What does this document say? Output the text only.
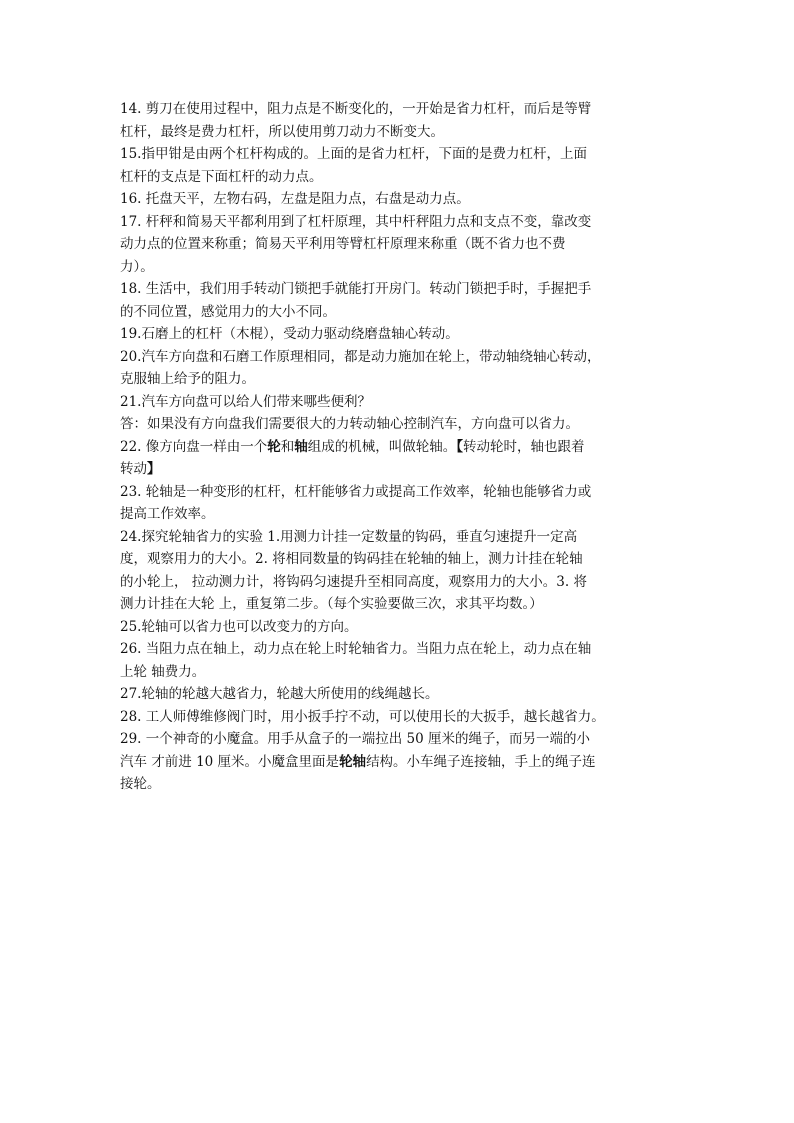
14. 剪刀在使用过程中，阻力点是不断变化的，一开始是省力杠杆，而后是等臂
杠杆，最终是费力杠杆，所以使用剪刀动力不断变大。

15.指甲钳是由两个杠杆构成的。上面的是省力杠杆，下面的是费力杠杆，上面
杠杆的支点是下面杠杆的动力点。

16. 托盘天平，左物右码，左盘是阻力点，右盘是动力点。

17. 杆秤和简易天平都利用到了杠杆原理，其中杆秤阻力点和支点不变，靠改变
动力点的位置来称重；简易天平利用等臂杠杆原理来称重（既不省力也不费
力）。

18. 生活中，我们用手转动门锁把手就能打开房门。转动门锁把手时，手握把手
的不同位置，感觉用力的大小不同。

19.石磨上的杠杆（木棍），受动力驱动绕磨盘轴心转动。

20.汽车方向盘和石磨工作原理相同，都是动力施加在轮上，带动轴绕轴心转动，
克服轴上给予的阻力。

21.汽车方向盘可以给人们带来哪些便利？

答：如果没有方向盘我们需要很大的力转动轴心控制汽车，方向盘可以省力。

22. 像方向盘一样由一个轮和轴组成的机械，叫做轮轴。【转动轮时，轴也跟着
转动】

23. 轮轴是一种变形的杠杆，杠杆能够省力或提高工作效率，轮轴也能够省力或
提高工作效率。

24.探究轮轴省力的实验 1.用测力计挂一定数量的钩码，垂直匀速提升一定高
度，观察用力的大小。2. 将相同数量的钩码挂在轮轴的轴上，测力计挂在轮轴
的小轮上， 拉动测力计，将钩码匀速提升至相同高度，观察用力的大小。3. 将
测力计挂在大轮 上，重复第二步。（每个实验要做三次，求其平均数。）

25.轮轴可以省力也可以改变力的方向。

26. 当阻力点在轴上，动力点在轮上时轮轴省力。当阻力点在轮上，动力点在轴
上轮 轴费力。

27.轮轴的轮越大越省力，轮越大所使用的线绳越长。

28. 工人师傅维修阀门时，用小扳手拧不动，可以使用长的大扳手，越长越省力。

29. 一个神奇的小魔盒。用手从盒子的一端拉出 50 厘米的绳子，而另一端的小
汽车 才前进 10 厘米。小魔盒里面是轮轴结构。小车绳子连接轴，手上的绳子连
接轮。
